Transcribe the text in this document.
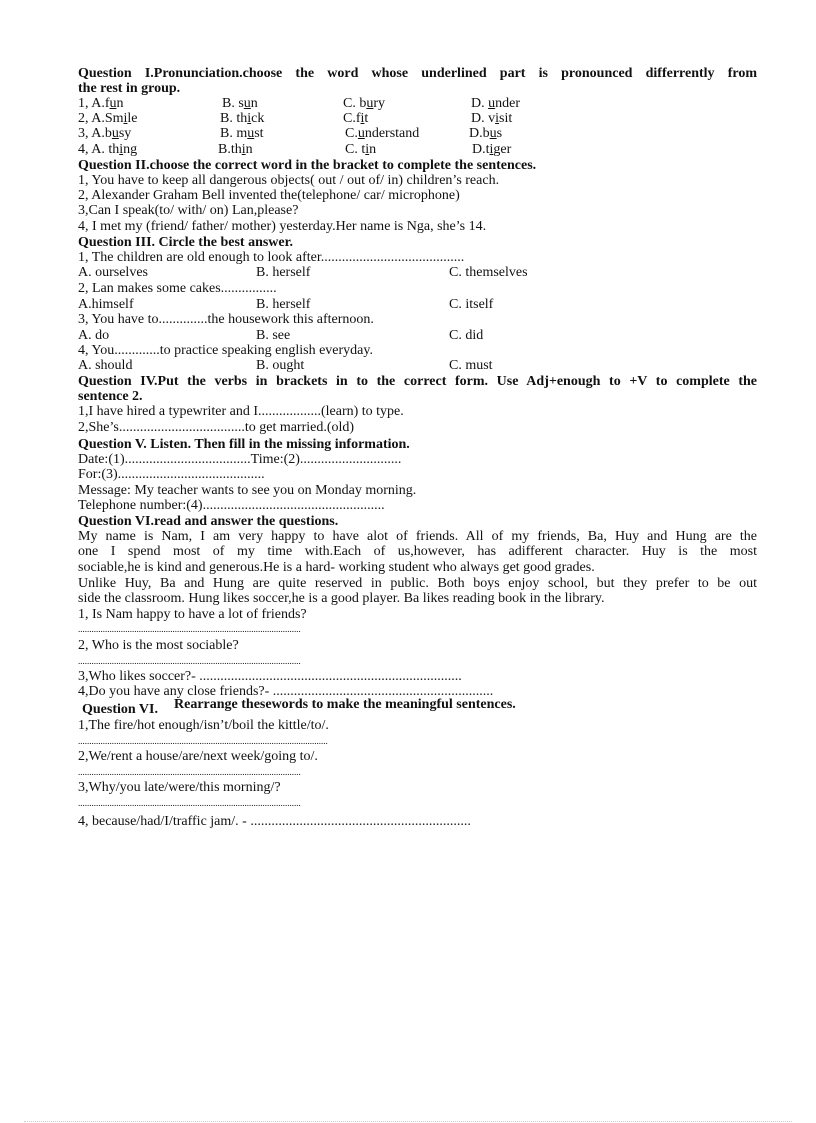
Question I.Pronunciation.choose the word whose underlined part is pronounced differrently from
the rest in group.
1, A.fun	B. sun	C. bury	D. under
2, A.Smile	B. thick	C.fit	D. visit
3, A.busy	B. must	C.understand	D.bus
4, A. thing	B.thin	C. tin	D.tiger
Question II.choose the correct word in the bracket to complete the sentences.
1, You have to keep all dangerous objects( out / out of/ in) children’s reach.
2, Alexander Graham Bell invented the(telephone/ car/ microphone)
3,Can I speak(to/ with/ on) Lan,please?
4, I met my (friend/ father/ mother) yesterday.Her name is Nga, she’s 14.
Question III. Circle the best answer.
1, The children are old enough to look after.........................................
A. ourselves	B. herself	C. themselves
2, Lan makes some cakes................
A.himself	B. herself	C. itself
3, You have to..............the housework this afternoon.
A. do	B. see	C. did
4, You.............to practice speaking english everyday.
A. should	B. ought	C. must
Question IV.Put the verbs in brackets in to the correct form. Use Adj+enough to +V to complete the
sentence 2.
1,I have hired a typewriter and I..................(learn) to type.
2,She’s....................................to get married.(old)
Question V. Listen. Then fill in the missing information.
Date:(1)....................................Time:(2).............................
For:(3)..........................................
Message: My teacher wants to see you on Monday morning.
Telephone number:(4)....................................................
Question VI.read and answer the questions.
My name is Nam, I am very happy to have alot of friends. All of my friends, Ba, Huy and Hung are the
one I spend most of my time with.Each of us,however, has adifferent character. Huy is the most
sociable,he is kind and generous.He is a hard- working student who always get good grades.
Unlike Huy, Ba and Hung are quite reserved in public. Both boys enjoy school, but they prefer to be out
side the classroom. Hung likes soccer,he is a good player. Ba likes reading book in the library.
1, Is Nam happy to have a lot of friends?
...................................................................................................
2, Who is the most sociable?
...................................................................................................
3,Who likes soccer?- ...........................................................................
4,Do you have any close friends?- ...............................................................
Question VI. Rearrange thesewords to make the meaningful sentences.
1,The fire/hot enough/isn’t/boil the kittle/to/.
...............................................................................................................
2,We/rent a house/are/next week/going to/.
...................................................................................................
3,Why/you late/were/this morning/?
...................................................................................................
4, because/had/I/traffic jam/. - ...............................................................
